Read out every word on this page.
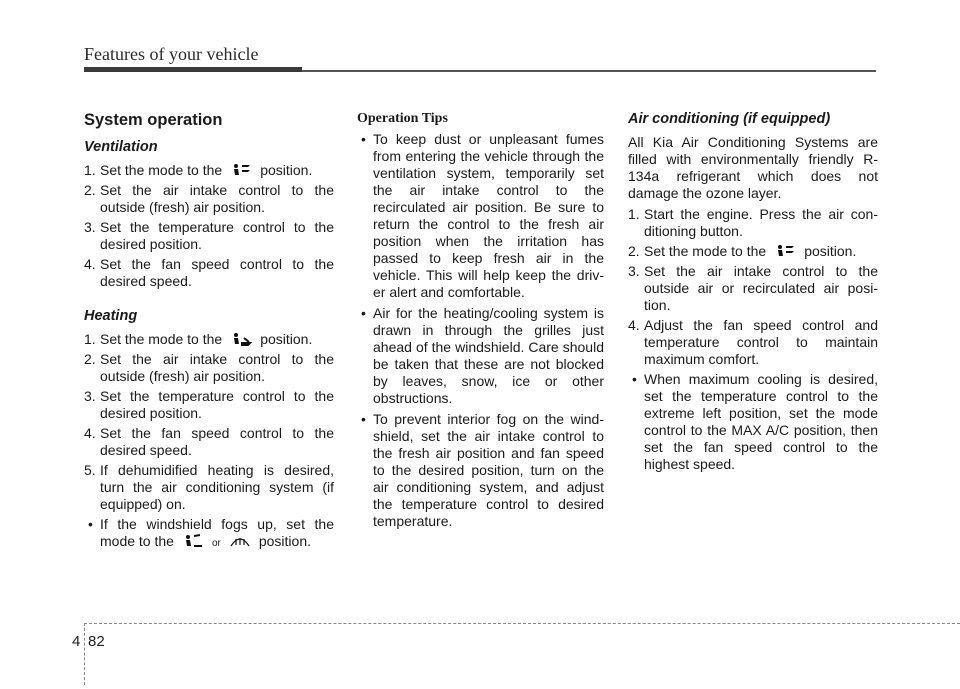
Features of your vehicle
System operation
Ventilation
1. Set the mode to the	position.
2. Set the air intake control to the outside (fresh) air position.
3. Set the temperature control to the desired position.
4. Set the fan speed control to the desired speed.
Heating
1. Set the mode to the	position.
2. Set the air intake control to the outside (fresh) air position.
3. Set the temperature control to the desired position.
4. Set the fan speed control to the desired speed.
5. If dehumidified heating is desired, turn the air conditioning system (if equipped) on.
• If the windshield fogs up, set the mode to the	or	position.
Operation Tips
• To keep dust or unpleasant fumes from entering the vehicle through the ventilation system, temporarily set the air intake control to the recirculated air position. Be sure to return the control to the fresh air position when the irritation has passed to keep fresh air in the vehicle. This will help keep the driv-er alert and comfortable.
• Air for the heating/cooling system is drawn in through the grilles just ahead of the windshield. Care should be taken that these are not blocked by leaves, snow, ice or other obstructions.
• To prevent interior fog on the wind-shield, set the air intake control to the fresh air position and fan speed to the desired position, turn on the air conditioning system, and adjust the temperature control to desired temperature.
Air conditioning (if equipped)
All Kia Air Conditioning Systems are filled with environmentally friendly R-134a refrigerant which does not damage the ozone layer.
1. Start the engine. Press the air con-ditioning button.
2. Set the mode to the	position.
3. Set the air intake control to the outside air or recirculated air posi-tion.
4. Adjust the fan speed control and temperature control to maintain maximum comfort.
• When maximum cooling is desired, set the temperature control to the extreme left position, set the mode control to the MAX A/C position, then set the fan speed control to the highest speed.
4 82
